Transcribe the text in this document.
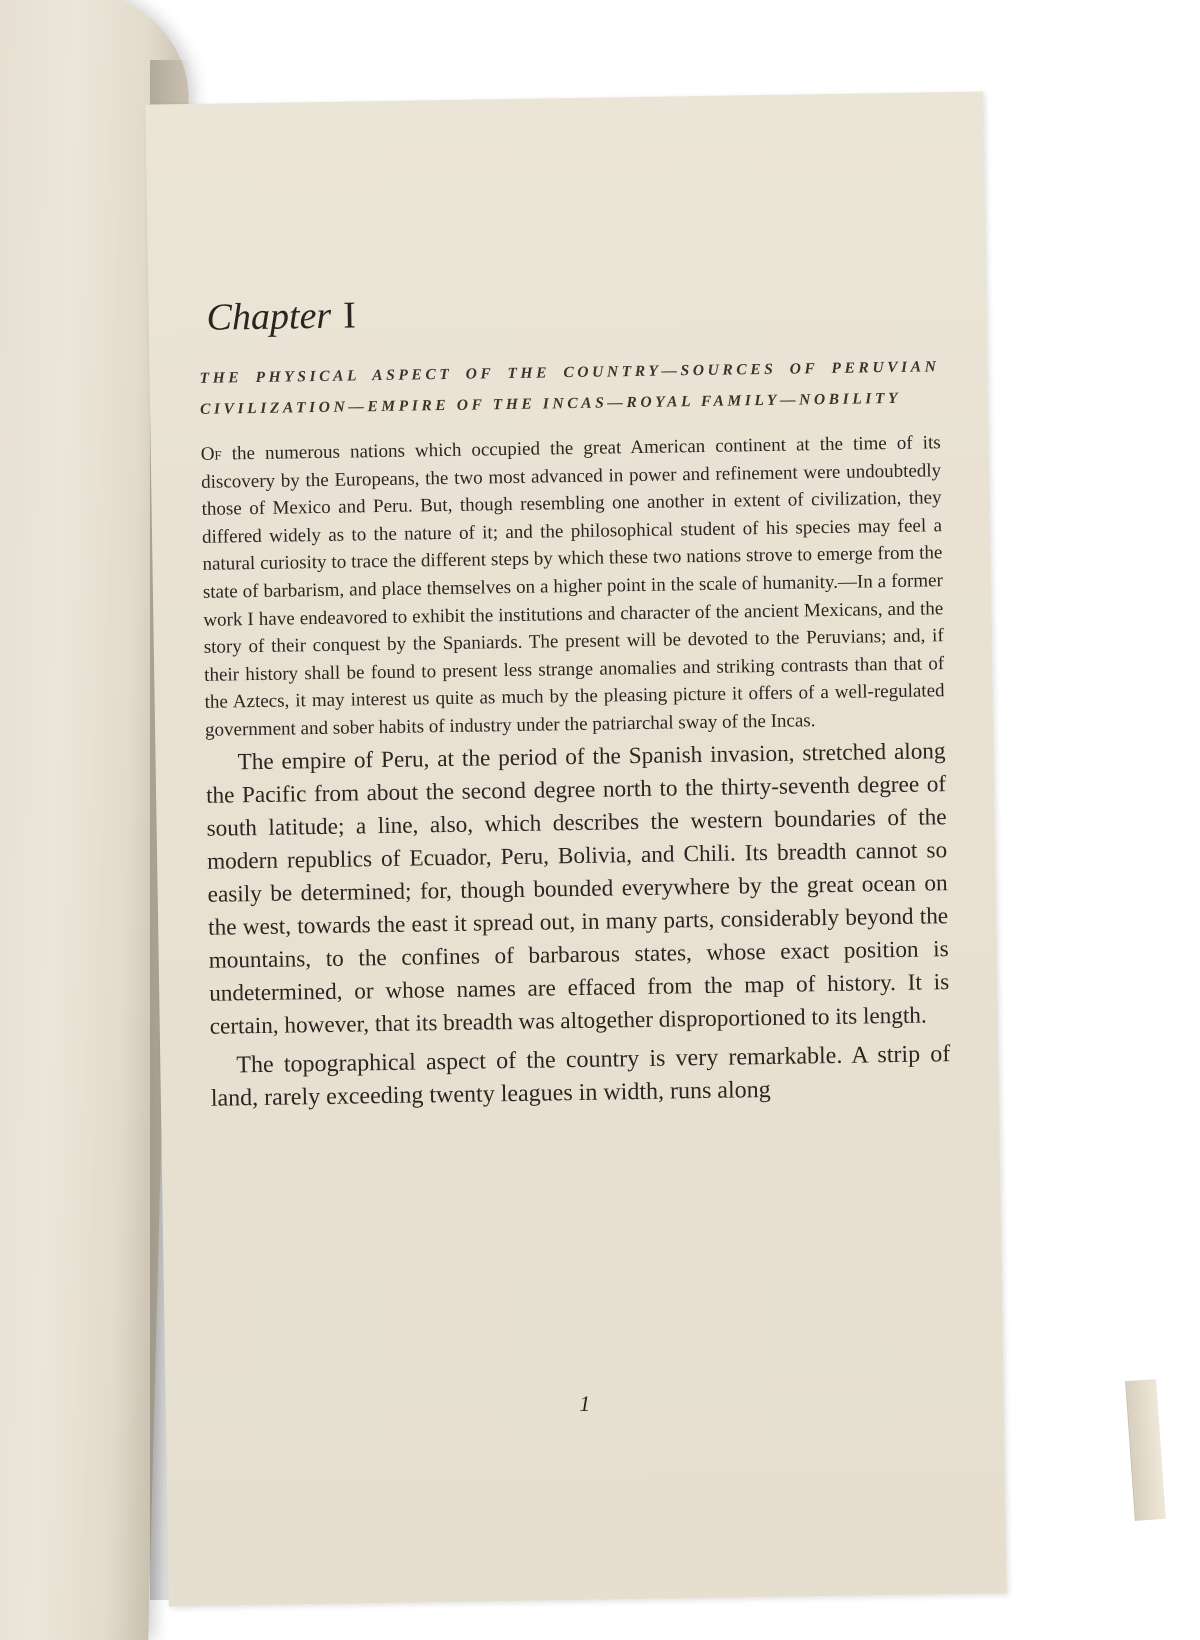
Chapter I

THE PHYSICAL ASPECT OF THE COUNTRY—SOURCES OF PERUVIAN CIVILIZATION—EMPIRE OF THE INCAS—ROYAL FAMILY—NOBILITY

Of the numerous nations which occupied the great American continent at the time of its discovery by the Europeans, the two most advanced in power and refinement were undoubtedly those of Mexico and Peru. But, though resembling one another in extent of civilization, they differed widely as to the nature of it; and the philosophical student of his species may feel a natural curiosity to trace the different steps by which these two nations strove to emerge from the state of barbarism, and place themselves on a higher point in the scale of humanity.—In a former work I have endeavored to exhibit the institutions and character of the ancient Mexicans, and the story of their conquest by the Spaniards. The present will be devoted to the Peruvians; and, if their history shall be found to present less strange anomalies and striking contrasts than that of the Aztecs, it may interest us quite as much by the pleasing picture it offers of a well-regulated government and sober habits of industry under the patriarchal sway of the Incas.

The empire of Peru, at the period of the Spanish invasion, stretched along the Pacific from about the second degree north to the thirty-seventh degree of south latitude; a line, also, which describes the western boundaries of the modern republics of Ecuador, Peru, Bolivia, and Chili. Its breadth cannot so easily be determined; for, though bounded everywhere by the great ocean on the west, towards the east it spread out, in many parts, considerably beyond the mountains, to the confines of barbarous states, whose exact position is undetermined, or whose names are effaced from the map of history. It is certain, however, that its breadth was altogether disproportioned to its length.

The topographical aspect of the country is very remarkable. A strip of land, rarely exceeding twenty leagues in width, runs along

1
